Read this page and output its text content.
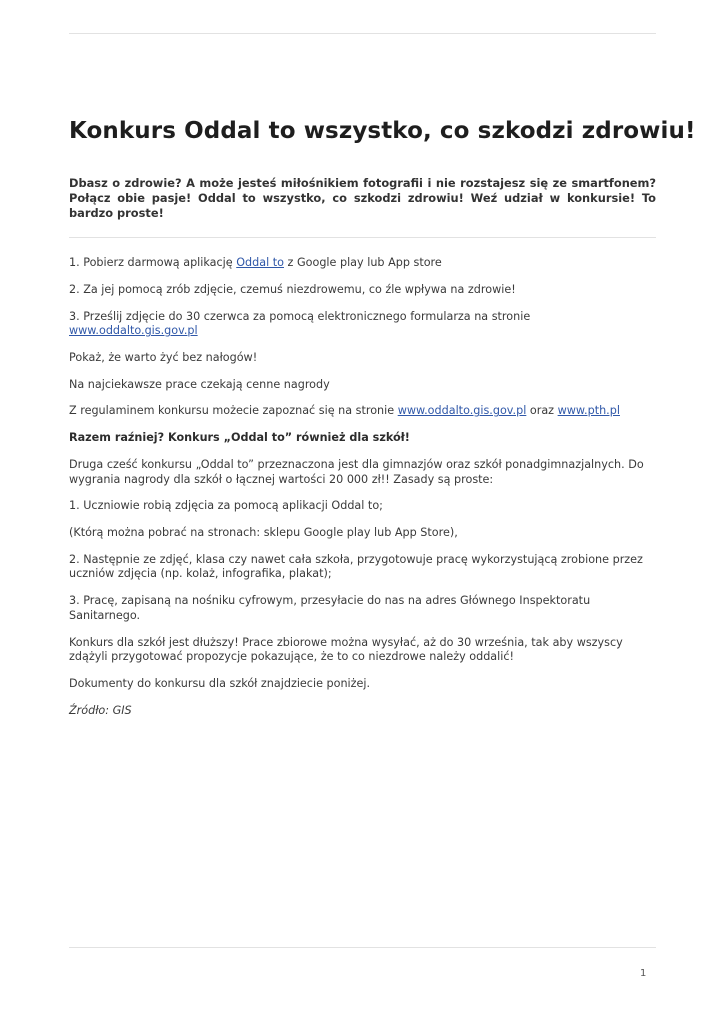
Konkurs Oddal to wszystko, co szkodzi zdrowiu!

Dbasz o zdrowie? A może jesteś miłośnikiem fotografii i nie rozstajesz się ze smartfonem? Połącz obie pasje! Oddal to wszystko, co szkodzi zdrowiu! Weź udział w konkursie! To bardzo proste!

1. Pobierz darmową aplikację Oddal to z Google play lub App store

2. Za jej pomocą zrób zdjęcie, czemuś niezdrowemu, co źle wpływa na zdrowie!

3. Prześlij zdjęcie do 30 czerwca za pomocą elektronicznego formularza na stronie www.oddalto.gis.gov.pl

Pokaż, że warto żyć bez nałogów!

Na najciekawsze prace czekają cenne nagrody

Z regulaminem konkursu możecie zapoznać się na stronie www.oddalto.gis.gov.pl oraz www.pth.pl

Razem raźniej? Konkurs „Oddal to” również dla szkół!

Druga cześć konkursu „Oddal to” przeznaczona jest dla gimnazjów oraz szkół ponadgimnazjalnych. Do wygrania nagrody dla szkół o łącznej wartości 20 000 zł!! Zasady są proste:

1. Uczniowie robią zdjęcia za pomocą aplikacji Oddal to;

(Którą można pobrać na stronach: sklepu Google play lub App Store),

2. Następnie ze zdjęć, klasa czy nawet cała szkoła, przygotowuje pracę wykorzystującą zrobione przez uczniów zdjęcia (np. kolaż, infografika, plakat);

3. Pracę, zapisaną na nośniku cyfrowym, przesyłacie do nas na adres Głównego Inspektoratu Sanitarnego.

Konkurs dla szkół jest dłuższy! Prace zbiorowe można wysyłać, aż do 30 września, tak aby wszyscy zdążyli przygotować propozycje pokazujące, że to co niezdrowe należy oddalić!

Dokumenty do konkursu dla szkół znajdziecie poniżej.

Źródło: GIS

1
